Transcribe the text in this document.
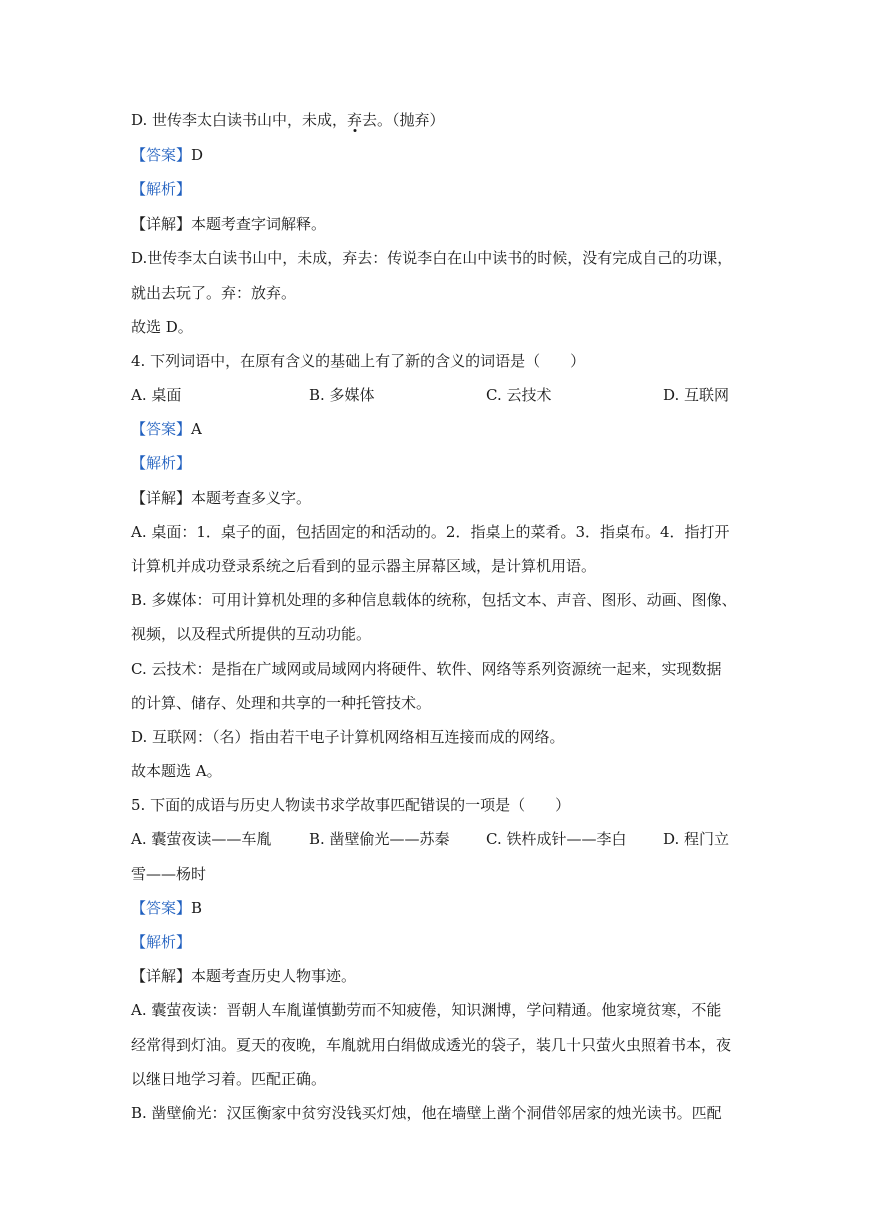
D. 世传李太白读书山中，未成，弃去。（抛弃）
【答案】D
【解析】
【详解】本题考查字词解释。
D.世传李太白读书山中，未成，弃去：传说李白在山中读书的时候，没有完成自己的功课，
就出去玩了。弃：放弃。
故选 D。
4. 下列词语中，在原有含义的基础上有了新的含义的词语是（　　）
A. 桌面	B. 多媒体	C. 云技术	D. 互联网
【答案】A
【解析】
【详解】本题考查多义字。
A. 桌面：1．桌子的面，包括固定的和活动的。2．指桌上的菜肴。3．指桌布。4．指打开
计算机并成功登录系统之后看到的显示器主屏幕区域，是计算机用语。
B. 多媒体：可用计算机处理的多种信息载体的统称，包括文本、声音、图形、动画、图像、
视频，以及程式所提供的互动功能。
C. 云技术：是指在广域网或局域网内将硬件、软件、网络等系列资源统一起来，实现数据
的计算、储存、处理和共享的一种托管技术。
D. 互联网：（名）指由若干电子计算机网络相互连接而成的网络。
故本题选 A。
5. 下面的成语与历史人物读书求学故事匹配错误的一项是（　　）
A. 囊萤夜读——车胤	B. 凿壁偷光——苏秦 C. 铁杵成针——李白 D. 程门立
雪——杨时
【答案】B
【解析】
【详解】本题考查历史人物事迹。
A. 囊萤夜读：晋朝人车胤谨慎勤劳而不知疲倦，知识渊博，学问精通。他家境贫寒，不能
经常得到灯油。夏天的夜晚，车胤就用白绢做成透光的袋子，装几十只萤火虫照着书本，夜
以继日地学习着。匹配正确。
B. 凿壁偷光：汉匡衡家中贫穷没钱买灯烛，他在墙壁上凿个洞借邻居家的烛光读书。匹配
